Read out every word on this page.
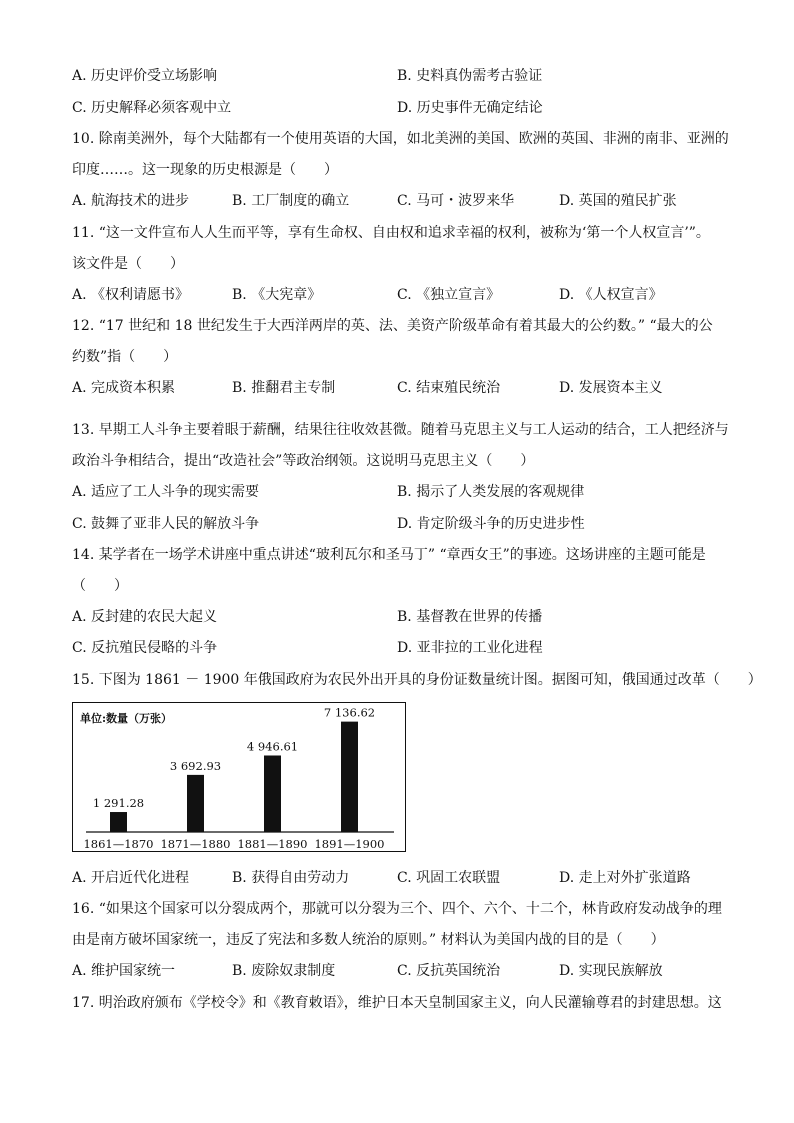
A. 历史评价受立场影响	B. 史料真伪需考古验证
C. 历史解释必须客观中立	D. 历史事件无确定结论
10. 除南美洲外，每个大陆都有一个使用英语的大国，如北美洲的美国、欧洲的英国、非洲的南非、亚洲的
印度……。这一现象的历史根源是（　　）
A. 航海技术的进步	B. 工厂制度的确立	C. 马可・波罗来华	D. 英国的殖民扩张
11. “这一文件宣布人人生而平等，享有生命权、自由权和追求幸福的权利，被称为‘第一个人权宣言’”。
该文件是（　　）
A. 《权利请愿书》	B. 《大宪章》	C. 《独立宣言》	D. 《人权宣言》
12. “17 世纪和 18 世纪发生于大西洋两岸的英、法、美资产阶级革命有着其最大的公约数。” “最大的公
约数”指（　　）
A. 完成资本积累	B. 推翻君主专制	C. 结束殖民统治	D. 发展资本主义
13. 早期工人斗争主要着眼于薪酬，结果往往收效甚微。随着马克思主义与工人运动的结合，工人把经济与
政治斗争相结合，提出“改造社会”等政治纲领。这说明马克思主义（　　）
A. 适应了工人斗争的现实需要	B. 揭示了人类发展的客观规律
C. 鼓舞了亚非人民的解放斗争	D. 肯定阶级斗争的历史进步性
14. 某学者在一场学术讲座中重点讲述“玻利瓦尔和圣马丁” “章西女王”的事迹。这场讲座的主题可能是
（　　）
A. 反封建的农民大起义	B. 基督教在世界的传播
C. 反抗殖民侵略的斗争	D. 亚非拉的工业化进程
15. 下图为 1861 － 1900 年俄国政府为农民外出开具的身份证数量统计图。据图可知，俄国通过改革（　　）
单位:数量（万张）
1 291.28
1861—1870
3 692.93
1871—1880
4 946.61
1881—1890
7 136.62
1891—1900
A. 开启近代化进程	B. 获得自由劳动力	C. 巩固工农联盟	D. 走上对外扩张道路
16. “如果这个国家可以分裂成两个，那就可以分裂为三个、四个、六个、十二个，林肯政府发动战争的理
由是南方破坏国家统一，违反了宪法和多数人统治的原则。” 材料认为美国内战的目的是（　　）
A. 维护国家统一	B. 废除奴隶制度	C. 反抗英国统治	D. 实现民族解放
17. 明治政府颁布《学校令》和《教育敕语》，维护日本天皇制国家主义，向人民灌输尊君的封建思想。这
